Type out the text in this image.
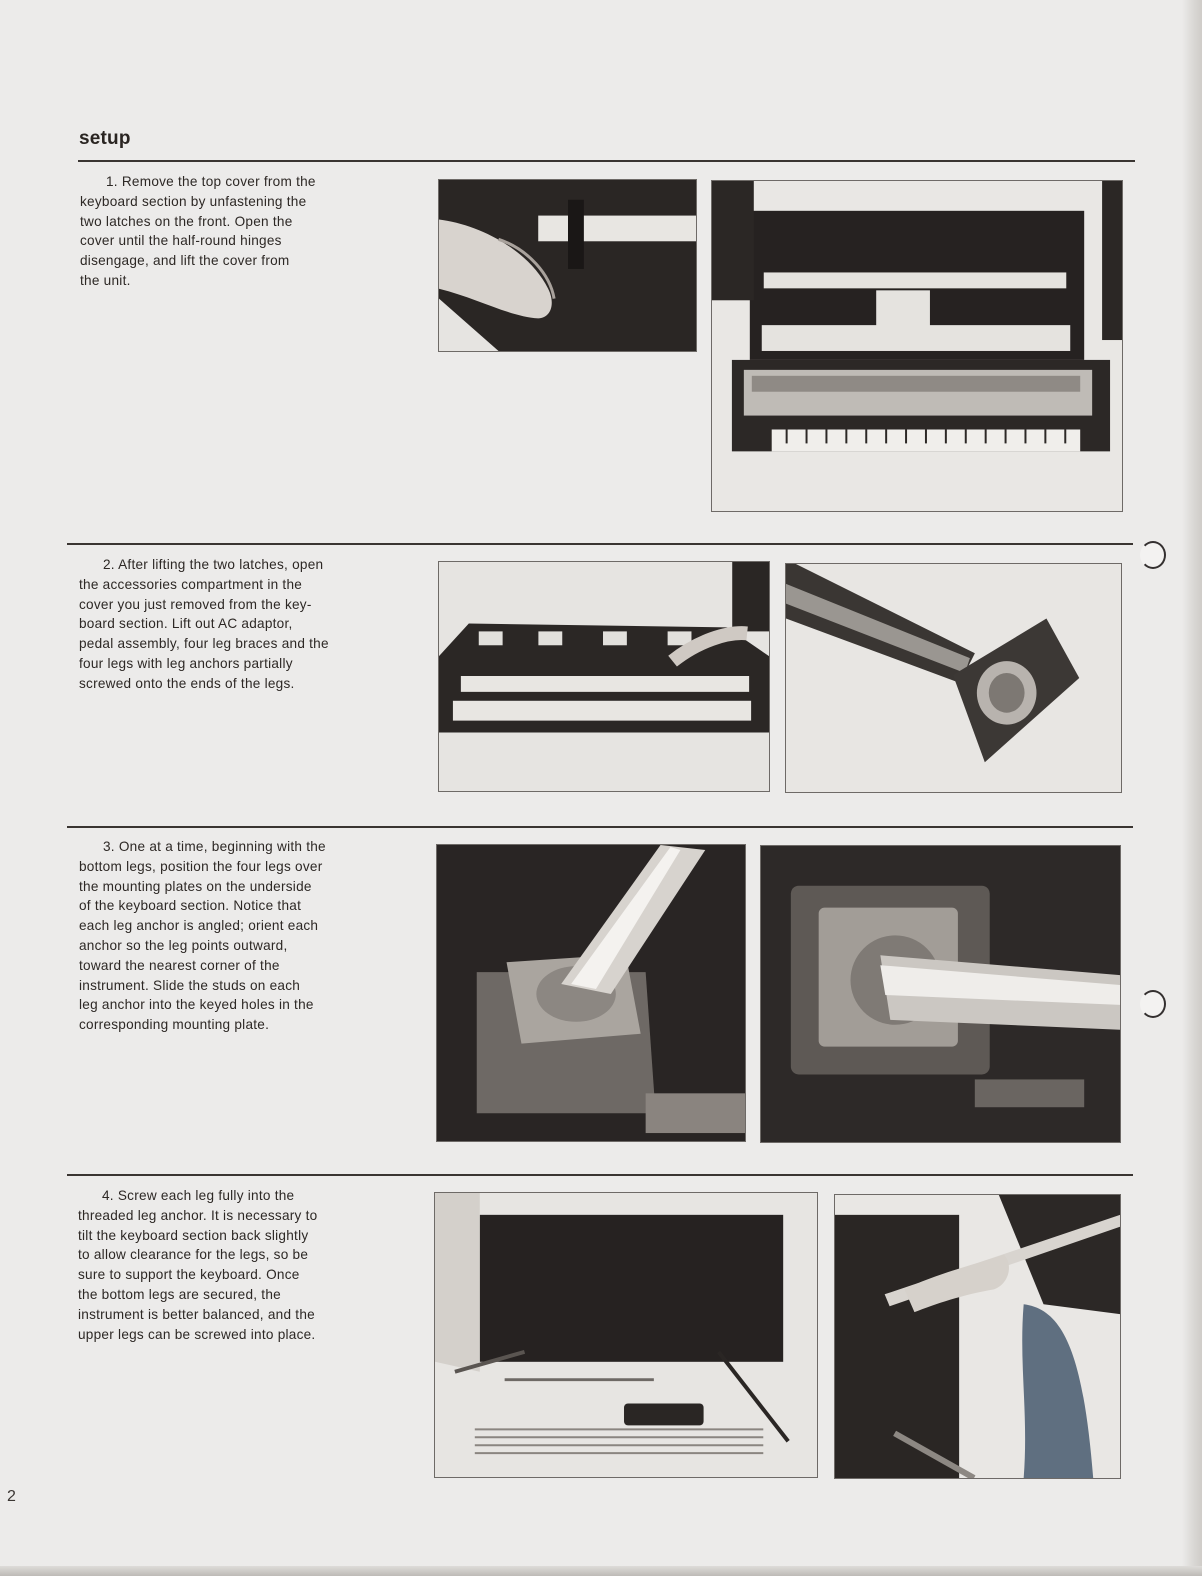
setup

1. Remove the top cover from the
keyboard section by unfastening the
two latches on the front. Open the
cover until the half-round hinges
disengage, and lift the cover from
the unit.

2. After lifting the two latches, open
the accessories compartment in the
cover you just removed from the key-
board section. Lift out AC adaptor,
pedal assembly, four leg braces and the
four legs with leg anchors partially
screwed onto the ends of the legs.

3. One at a time, beginning with the
bottom legs, position the four legs over
the mounting plates on the underside
of the keyboard section. Notice that
each leg anchor is angled; orient each
anchor so the leg points outward,
toward the nearest corner of the
instrument. Slide the studs on each
leg anchor into the keyed holes in the
corresponding mounting plate.

4. Screw each leg fully into the
threaded leg anchor. It is necessary to
tilt the keyboard section back slightly
to allow clearance for the legs, so be
sure to support the keyboard. Once
the bottom legs are secured, the
instrument is better balanced, and the
upper legs can be screwed into place.

2
